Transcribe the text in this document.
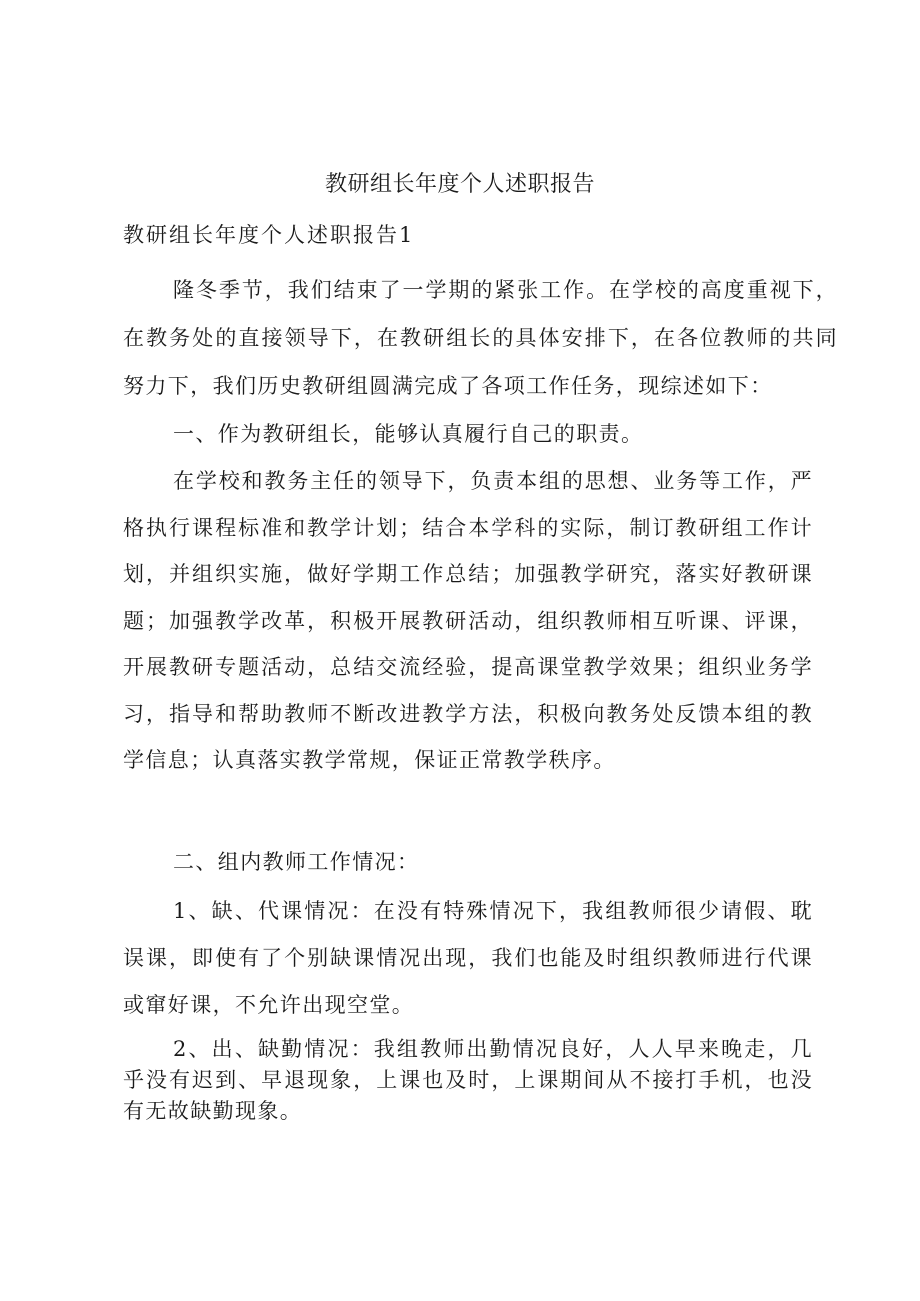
教研组长年度个人述职报告

教研组长年度个人述职报告1

隆冬季节，我们结束了一学期的紧张工作。在学校的高度重视下，在教务处的直接领导下，在教研组长的具体安排下，在各位教师的共同努力下，我们历史教研组圆满完成了各项工作任务，现综述如下：

一、作为教研组长，能够认真履行自己的职责。

在学校和教务主任的领导下，负责本组的思想、业务等工作，严格执行课程标准和教学计划；结合本学科的实际，制订教研组工作计划，并组织实施，做好学期工作总结；加强教学研究，落实好教研课题；加强教学改革，积极开展教研活动，组织教师相互听课、评课，开展教研专题活动，总结交流经验，提高课堂教学效果；组织业务学习，指导和帮助教师不断改进教学方法，积极向教务处反馈本组的教学信息；认真落实教学常规，保证正常教学秩序。

二、组内教师工作情况：

1、缺、代课情况：在没有特殊情况下，我组教师很少请假、耽误课，即使有了个别缺课情况出现，我们也能及时组织教师进行代课或窜好课，不允许出现空堂。

2、出、缺勤情况：我组教师出勤情况良好，人人早来晚走，几乎没有迟到、早退现象，上课也及时，上课期间从不接打手机，也没有无故缺勤现象。
